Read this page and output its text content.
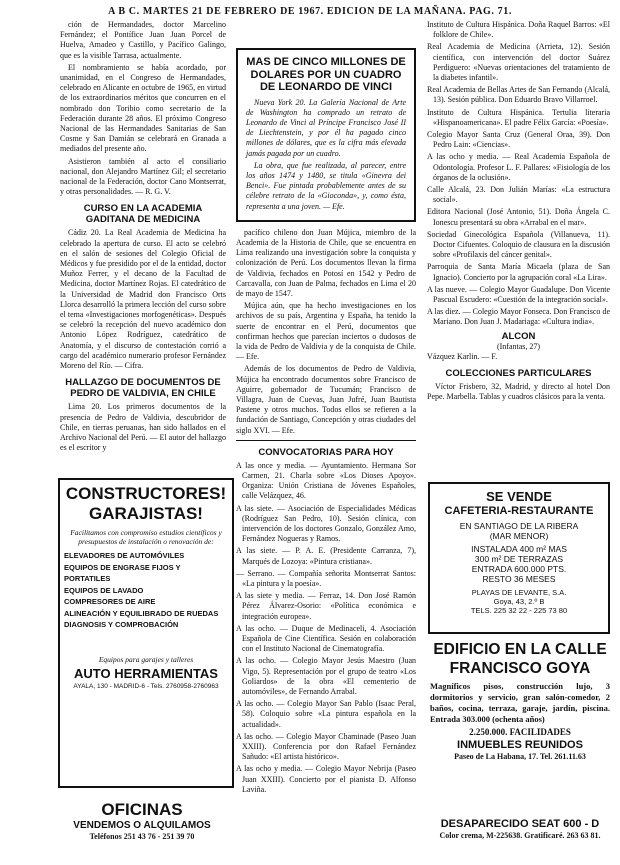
A B C. MARTES 21 DE FEBRERO DE 1967. EDICION DE LA MAÑANA. PAG. 71.

ción de Hermandades, doctor Marcelino Fernández; el Pontífice Juan Juan Porcel de Huelva, Amadeo y Castillo, y Pacífico Galingo, que es la visible Tarrasa, actualmente.

El nombramiento se había acordado, por unanimidad, en el Congreso de Hermandades, celebrado en Alicante en octubre de 1965, en virtud de los extraordinarios méritos que concurren en el nombrado don Toribio como secretario de la Federación durante 28 años. El próximo Congreso Nacional de las Hermandades Sanitarias de San Cosme y San Damián se celebrará en Granada a mediados del presente año.

Asistieron también al acto el consiliario nacional, don Alejandro Martínez Gil; el secretario nacional de la Federación, doctor Cano Montserrat, y otras personalidades. — R. G. V.

CURSO EN LA ACADEMIA GADITANA DE MEDICINA

Cádiz 20. La Real Academia de Medicina ha celebrado la apertura de curso. El acto se celebró en el salón de sesiones del Colegio Oficial de Médicos y fue presidido por el de la entidad, doctor Muñoz Ferrer, y el decano de la Facultad de Medicina, doctor Martínez Rojas. El catedrático de la Universidad de Madrid don Francisco Orts Llorca desarrolló la primera lección del curso sobre el tema «Investigaciones morfogenéticas». Después se celebró la recepción del nuevo académico don Antonio López Rodríguez, catedrático de Anatomía, y el discurso de contestación corrió a cargo del académico numerario profesor Fernández Moreno del Río. — Cifra.

HALLAZGO DE DOCUMENTOS DE PEDRO DE VALDIVIA, EN CHILE

Lima 20. Los primeros documentos de la presencia de Pedro de Valdivia, descubridor de Chile, en tierras peruanas, han sido hallados en el Archivo Nacional del Perú. — El autor del hallazgo es el escritor y

CONSTRUCTORES!
GARAJISTAS!
Facilitamos con compromiso estudios científicos y presupuestos de instalación o renovación de:
ELEVADORES DE AUTOMÓVILES
EQUIPOS DE ENGRASE FIJOS Y PORTATILES
EQUIPOS DE LAVADO
COMPRESORES DE AIRE
ALINEACIÓN Y EQUILIBRADO DE RUEDAS
DIAGNOSIS Y COMPROBACIÓN
Equipos para garajes y talleres
AUTO HERRAMIENTAS
AYALA, 130 - MADRID-6 - Tels. 2760958-2760963
OFICINAS
VENDEMOS O ALQUILAMOS
Teléfonos 251 43 76 - 251 39 70
MAS DE CINCO MILLONES DE DOLARES POR UN CUADRO DE LEONARDO DE VINCI

Nueva York 20. La Galería Nacional de Arte de Washington ha comprado un retrato de Leonardo de Vinci al Príncipe Francisco José II de Liechtenstein, y por él ha pagado cinco millones de dólares, que es la cifra más elevada jamás pagada por un cuadro.

La obra, que fue realizada, al parecer, entre los años 1474 y 1480, se titula «Ginevra dei Benci». Fue pintada probablemente antes de su célebre retrato de la «Gioconda», y, como ésta, representa a una joven. — Efe.

pacífico chileno don Juan Mújica, miembro de la Academia de la Historia de Chile, que se encuentra en Lima realizando una investigación sobre la conquista y colonización de Perú. Los documentos llevan la firma de Valdivia, fechados en Potosí en 1542 y Pedro de Carcavalla, con Juan de Palma, fechados en Lima el 20 de mayo de 1547.

Mújica aún, que ha hecho investigaciones en los archivos de su país, Argentina y España, ha tenido la suerte de encontrar en el Perú, documentos que confirman hechos que parecían inciertos o dudosos de la vida de Pedro de Valdivia y de la conquista de Chile. — Efe.

Además de los documentos de Pedro de Valdivia, Mújica ha encontrado documentos sobre Francisco de Aguirre, gobernador de Tucumán; Francisco de Villagra, Juan de Cuevas, Juan Jufré, Juan Bautista Pastene y otros muchos. Todos ellos se refieren a la fundación de Santiago, Concepción y otras ciudades del siglo XVI. — Efe.

CONVOCATORIAS PARA HOY

A las once y media. — Ayuntamiento. Hermana Sor Carmen, 21. Charla sobre «Los Dioses Apoyo». Organiza: Unión Cristiana de Jóvenes Españoles, calle Velázquez, 46.

A las siete. — Asociación de Especialidades Médicas (Rodríguez San Pedro, 10). Sesión clínica, con intervención de los doctores Gonzalo, González Amo, Fernández Nogueras y Ramos.

A las siete. — P. A. E. (Presidente Carranza, 7), Marqués de Lozoya: «Pintura cristiana».

— Serrano. — Compañía señorita Montserrat Santos: «La pintura y la poesía».

A las siete y media. — Ferraz, 14. Don José Ramón Pérez Álvarez-Osorio: «Política económica e integración europea».

A las ocho. — Duque de Medinaceli, 4. Asociación Española de Cine Científica. Sesión en colaboración con el Instituto Nacional de Cinematografía.

A las ocho. — Colegio Mayor Jesús Maestro (Juan Vigo, 5). Representación por el grupo de teatro «Los Goliardos» de la obra «El cementerio de automóviles», de Fernando Arrabal.

A las ocho. — Colegio Mayor San Pablo (Isaac Peral, 58). Coloquio sobre «La pintura española en la actualidad».

A las ocho. — Colegio Mayor Chaminade (Paseo Juan XXIII). Conferencia por don Rafael Fernández Sañudo: «El artista histórico».

A las ocho y media. — Colegio Mayor Nebrija (Paseo Juan XXIII). Concierto por el pianista D. Alfonso Laviña.

Instituto de Cultura Hispánica. Doña Raquel Barros: «El folklore de Chile».

Real Academia de Medicina (Arrieta, 12). Sesión científica, con intervención del doctor Suárez Perdiguero: «Nuevas orientaciones del tratamiento de la diabetes infantil».

Real Academia de Bellas Artes de San Fernando (Alcalá, 13). Sesión pública. Don Eduardo Bravo Villarroel.

Instituto de Cultura Hispánica. Tertulia literaria «Hispanoamericana». El padre Félix García: «Poesía».

Colegio Mayor Santa Cruz (General Oraa, 39). Don Pedro Lain: «Ciencias».

A las ocho y media. — Real Academia Española de Odontología. Profesor L. F. Pallares: «Fisiología de los órganos de la oclusión».

Calle Alcalá, 23. Don Julián Marías: «La estructura social».

Editora Nacional (José Antonio, 51). Doña Ángela C. Ionescu presentará su obra «Arrabal en el mar».

Sociedad Ginecológica Española (Villanueva, 11). Doctor Cifuentes. Coloquio de clausura en la discusión sobre «Profilaxis del cáncer genital».

Parroquia de Santa María Micaela (plaza de San Ignacio). Concierto por la agrupación coral «La Lira».

A las nueve. — Colegio Mayor Guadalupe. Don Vicente Pascual Escudero: «Cuestión de la integración social».

A las diez. — Colegio Mayor Fonseca. Don Francisco de Mariano. Don Juan J. Madariaga: «Cultura india».

ALCON
(Infantas, 27)
Vázquez Karlin. — F.
COLECCIONES PARTICULARES

Víctor Frisbero, 32, Madrid, y directo al hotel Don Pepe. Marbella. Tablas y cuadros clásicos para la venta.

SE VENDE
CAFETERIA-RESTAURANTE
EN SANTIAGO DE LA RIBERA
(MAR MENOR)
INSTALADA 400 m² MAS
300 m² DE TERRAZAS
ENTRADA 600.000 PTS.
RESTO 36 MESES
PLAYAS DE LEVANTE, S.A.
Goya, 43, 2.º B
TELS. 225 32 22 - 225 73 80
EDIFICIO EN LA CALLE
FRANCISCO GOYA
Magníficos pisos, construcción lujo, 3 dormitorios y servicio, gran salón-comedor, 2 baños, cocina, terraza, garaje, jardín, piscina. Entrada 303.000 (ochenta años)
2.250.000. FACILIDADES
INMUEBLES REUNIDOS
Paseo de La Habana, 17. Tel. 261.11.63
DESAPARECIDO SEAT 600 - D
Color crema, M-225638. Gratificaré. 263 63 81.
